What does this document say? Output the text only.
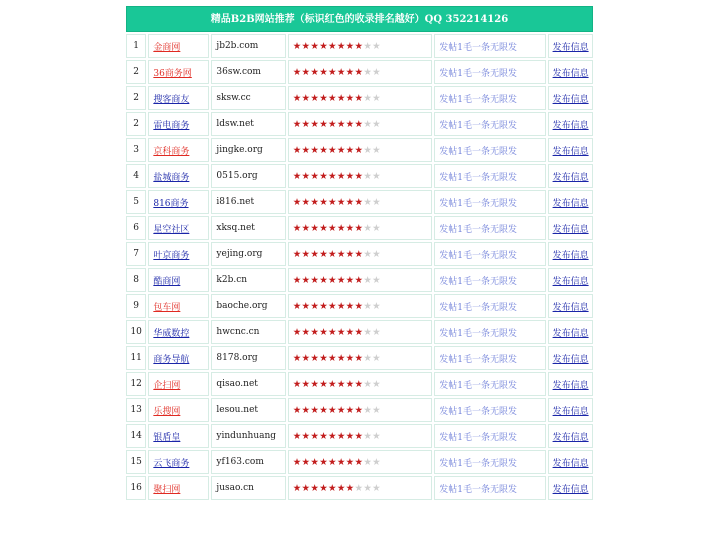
精品B2B网站推荐（标识红色的收录排名越好）QQ 352214126
1	金商网	jb2b.com	★★★★★★★★★★	发帖1毛一条无限发	发布信息
2	36商务网	36sw.com	★★★★★★★★★★	发帖1毛一条无限发	发布信息
2	搜客商友	sksw.cc	★★★★★★★★★★	发帖1毛一条无限发	发布信息
2	雷电商务	ldsw.net	★★★★★★★★★★	发帖1毛一条无限发	发布信息
3	京科商务	jingke.org	★★★★★★★★★★	发帖1毛一条无限发	发布信息
4	盐城商务	0515.org	★★★★★★★★★★	发帖1毛一条无限发	发布信息
5	816商务	i816.net	★★★★★★★★★★	发帖1毛一条无限发	发布信息
6	星空社区	xksq.net	★★★★★★★★★★	发帖1毛一条无限发	发布信息
7	叶京商务	yejing.org	★★★★★★★★★★	发帖1毛一条无限发	发布信息
8	酷商网	k2b.cn	★★★★★★★★★★	发帖1毛一条无限发	发布信息
9	包车网	baoche.org	★★★★★★★★★★	发帖1毛一条无限发	发布信息
10	华威数控	hwcnc.cn	★★★★★★★★★★	发帖1毛一条无限发	发布信息
11	商务导航	8178.org	★★★★★★★★★★	发帖1毛一条无限发	发布信息
12	企扫网	qisao.net	★★★★★★★★★★	发帖1毛一条无限发	发布信息
13	乐搜网	lesou.net	★★★★★★★★★★	发帖1毛一条无限发	发布信息
14	银盾皇	yindunhuang	★★★★★★★★★★	发帖1毛一条无限发	发布信息
15	云飞商务	yf163.com	★★★★★★★★★★	发帖1毛一条无限发	发布信息
16	聚扫网	jusao.cn	★★★★★★★★★★	发帖1毛一条无限发	发布信息
